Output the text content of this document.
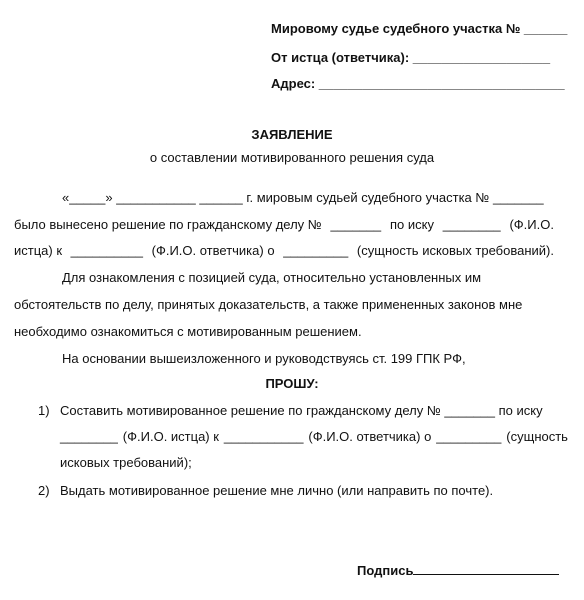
Мировому судье судебного участка № ______
От истца (ответчика): ___________________
Адрес: __________________________________
ЗАЯВЛЕНИЕ
о составлении мотивированного решения суда
«_____» ___________ ______ г. мировым судьей судебного участка № _______
было вынесено решение по гражданскому делу № _______ по иску ________ (Ф.И.О.
истца) к __________ (Ф.И.О. ответчика) о _________ (сущность исковых требований).
Для ознакомления с позицией суда, относительно установленных им
обстоятельств по делу, принятых доказательств, а также примененных законов мне
необходимо ознакомиться с мотивированным решением.
На основании вышеизложенного и руководствуясь ст. 199 ГПК РФ,
ПРОШУ:
1) Составить мотивированное решение по гражданскому делу № _______ по иску
________ (Ф.И.О. истца) к ___________ (Ф.И.О. ответчика) о _________ (сущность
исковых требований);
2) Выдать мотивированное решение мне лично (или направить по почте).
Подпись
